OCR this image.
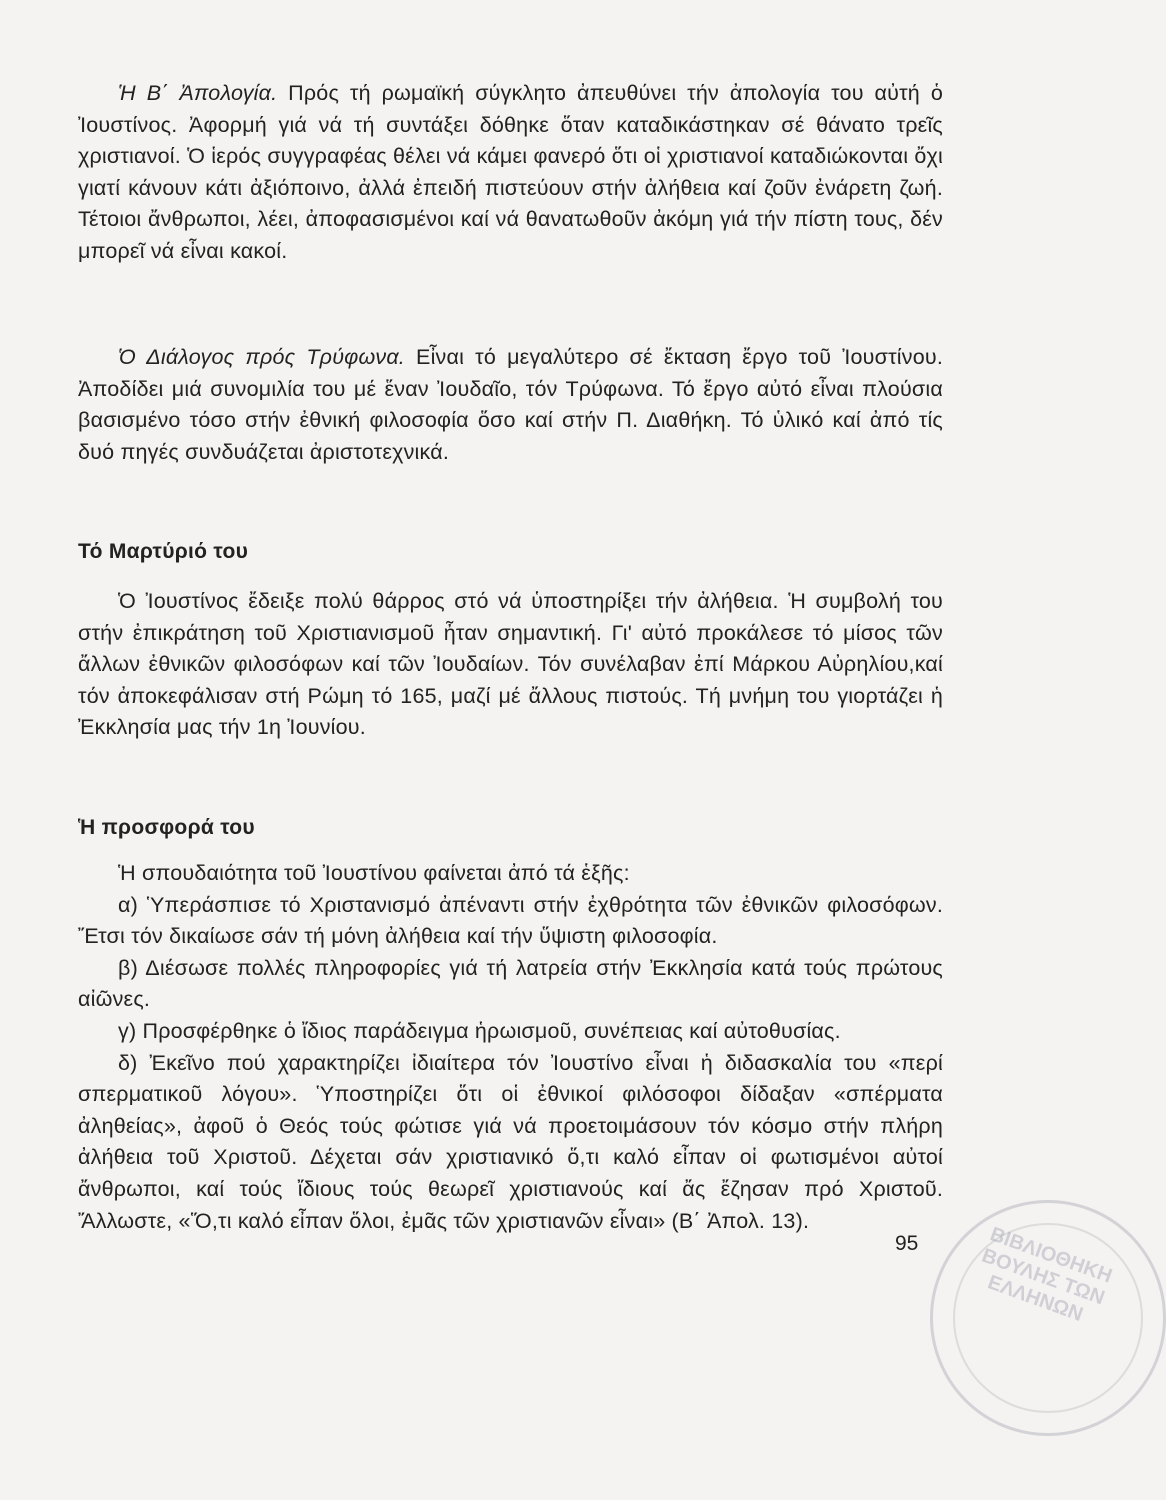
Ἡ Β΄ Ἀπολογία. Πρός τή ρωμαϊκή σύγκλητο ἀπευθύνει τήν ἀπολογία του αὐτή ὁ Ἰουστίνος. Ἀφορμή γιά νά τή συντάξει δόθηκε ὅταν καταδικάστηκαν σέ θάνατο τρεῖς χριστιανοί. Ὁ ἱερός συγγραφέας θέλει νά κάμει φανερό ὅτι οἱ χριστιανοί καταδιώκονται ὄχι γιατί κάνουν κάτι ἀξιόποινο, ἀλλά ἐπειδή πιστεύουν στήν ἀλήθεια καί ζοῦν ἐνάρετη ζωή. Τέτοιοι ἄνθρωποι, λέει, ἀποφασισμένοι καί νά θανατωθοῦν ἀκόμη γιά τήν πίστη τους, δέν μπορεῖ νά εἶναι κακοί.

Ὁ Διάλογος πρός Τρύφωνα. Εἶναι τό μεγαλύτερο σέ ἔκταση ἔργο τοῦ Ἰουστίνου. Ἀποδίδει μιά συνομιλία του μέ ἕναν Ἰουδαῖο, τόν Τρύφωνα. Τό ἔργο αὐτό εἶναι πλούσια βασισμένο τόσο στήν ἐθνική φιλοσοφία ὅσο καί στήν Π. Διαθήκη. Τό ὑλικό καί ἀπό τίς δυό πηγές συνδυάζεται ἀριστοτεχνικά.

Τό Μαρτύριό του

Ὁ Ἰουστίνος ἔδειξε πολύ θάρρος στό νά ὑποστηρίξει τήν ἀλήθεια. Ἡ συμβολή του στήν ἐπικράτηση τοῦ Χριστιανισμοῦ ἦταν σημαντική. Γι' αὐτό προκάλεσε τό μίσος τῶν ἄλλων ἐθνικῶν φιλοσόφων καί τῶν Ἰουδαίων. Τόν συνέλαβαν ἐπί Μάρκου Αὐρηλίου,καί τόν ἀποκεφάλισαν στή Ρώμη τό 165, μαζί μέ ἄλλους πιστούς. Τή μνήμη του γιορτάζει ἡ Ἐκκλησία μας τήν 1η Ἰουνίου.

Ἡ προσφορά του

Ἡ σπουδαιότητα τοῦ Ἰουστίνου φαίνεται ἀπό τά ἑξῆς:

α) Ὑπεράσπισε τό Χριστανισμό ἀπέναντι στήν ἐχθρότητα τῶν ἐθνικῶν φιλοσόφων. Ἔτσι τόν δικαίωσε σάν τή μόνη ἀλήθεια καί τήν ὕψιστη φιλοσοφία.

β) Διέσωσε πολλές πληροφορίες γιά τή λατρεία στήν Ἐκκλησία κατά τούς πρώτους αἰῶνες.

γ) Προσφέρθηκε ὁ ἴδιος παράδειγμα ἡρωισμοῦ, συνέπειας καί αὐτοθυσίας.

δ) Ἐκεῖνο πού χαρακτηρίζει ἰδιαίτερα τόν Ἰουστίνο εἶναι ἡ διδασκαλία του «περί σπερματικοῦ λόγου». Ὑποστηρίζει ὅτι οἱ ἐθνικοί φιλόσοφοι δίδαξαν «σπέρματα ἀληθείας», ἀφοῦ ὁ Θεός τούς φώτισε γιά νά προετοιμάσουν τόν κόσμο στήν πλήρη ἀλήθεια τοῦ Χριστοῦ. Δέχεται σάν χριστιανικό ὅ,τι καλό εἶπαν οἱ φωτισμένοι αὐτοί ἄνθρωποι, καί τούς ἴδιους τούς θεωρεῖ χριστιανούς καί ἄς ἔζησαν πρό Χριστοῦ. Ἄλλωστε, «Ὅ,τι καλό εἶπαν ὅλοι, ἐμᾶς τῶν χριστιανῶν εἶναι» (Β΄ Ἀπολ. 13).

ΒΙΒΛΙΟΘΗΚΗ ΒΟΥΛΗΣ ΤΩΝ ΕΛΛΗΝΩΝ
95
